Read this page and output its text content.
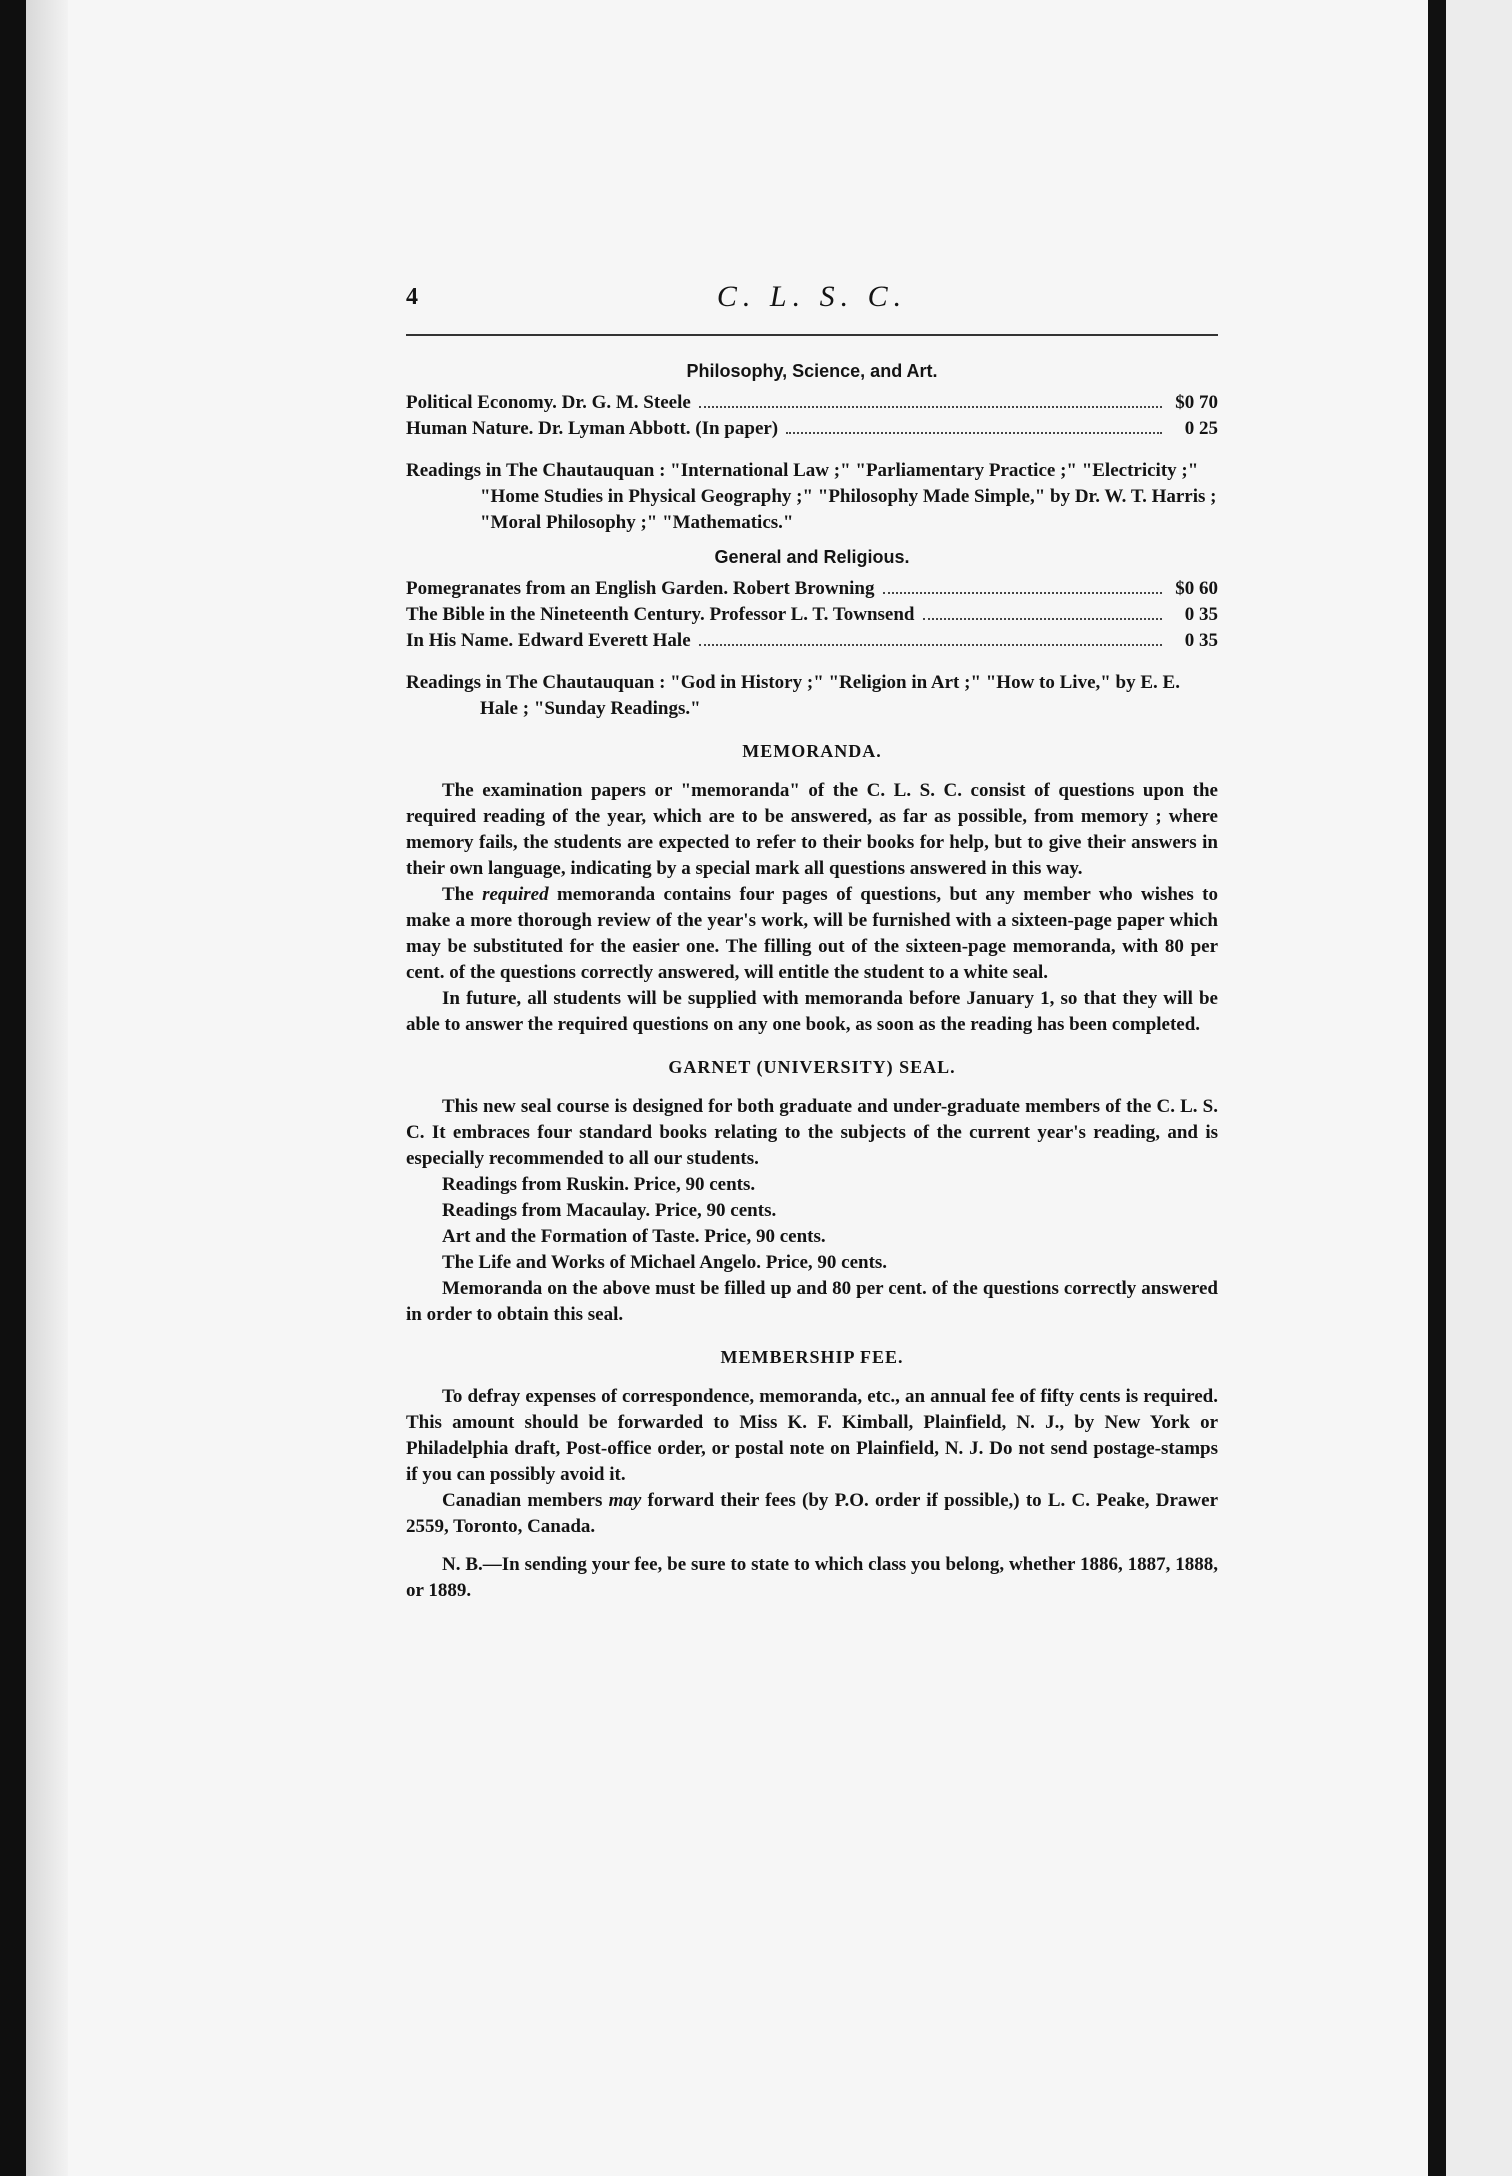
4	C. L. S. C.
Philosophy, Science, and Art.
Political Economy. Dr. G. M. Steele	$0 70
Human Nature. Dr. Lyman Abbott. (In paper)	0 25

Readings in The Chautauquan : "International Law ;" "Parliamentary Practice ;" "Electricity ;" "Home Studies in Physical Geography ;" "Philosophy Made Simple," by Dr. W. T. Harris ; "Moral Philosophy ;" "Mathematics."

General and Religious.
Pomegranates from an English Garden. Robert Browning	$0 60
The Bible in the Nineteenth Century. Professor L. T. Townsend	0 35
In His Name. Edward Everett Hale	0 35

Readings in The Chautauquan : "God in History ;" "Religion in Art ;" "How to Live," by E. E. Hale ; "Sunday Readings."

MEMORANDA.

The examination papers or "memoranda" of the C. L. S. C. consist of questions upon the required reading of the year, which are to be answered, as far as possible, from memory ; where memory fails, the students are expected to refer to their books for help, but to give their answers in their own language, indicating by a special mark all questions answered in this way.

The required memoranda contains four pages of questions, but any member who wishes to make a more thorough review of the year's work, will be furnished with a sixteen-page paper which may be substituted for the easier one. The filling out of the sixteen-page memoranda, with 80 per cent. of the questions correctly answered, will entitle the student to a white seal.

In future, all students will be supplied with memoranda before January 1, so that they will be able to answer the required questions on any one book, as soon as the reading has been completed.

GARNET (UNIVERSITY) SEAL.

This new seal course is designed for both graduate and under-graduate members of the C. L. S. C. It embraces four standard books relating to the subjects of the current year's reading, and is especially recommended to all our students.

Readings from Ruskin. Price, 90 cents.

Readings from Macaulay. Price, 90 cents.

Art and the Formation of Taste. Price, 90 cents.

The Life and Works of Michael Angelo. Price, 90 cents.

Memoranda on the above must be filled up and 80 per cent. of the questions correctly answered in order to obtain this seal.

MEMBERSHIP FEE.

To defray expenses of correspondence, memoranda, etc., an annual fee of fifty cents is required. This amount should be forwarded to Miss K. F. Kimball, Plainfield, N. J., by New York or Philadelphia draft, Post-office order, or postal note on Plainfield, N. J. Do not send postage-stamps if you can possibly avoid it.

Canadian members may forward their fees (by P.O. order if possible,) to L. C. Peake, Drawer 2559, Toronto, Canada.

N. B.—In sending your fee, be sure to state to which class you belong, whether 1886, 1887, 1888, or 1889.
